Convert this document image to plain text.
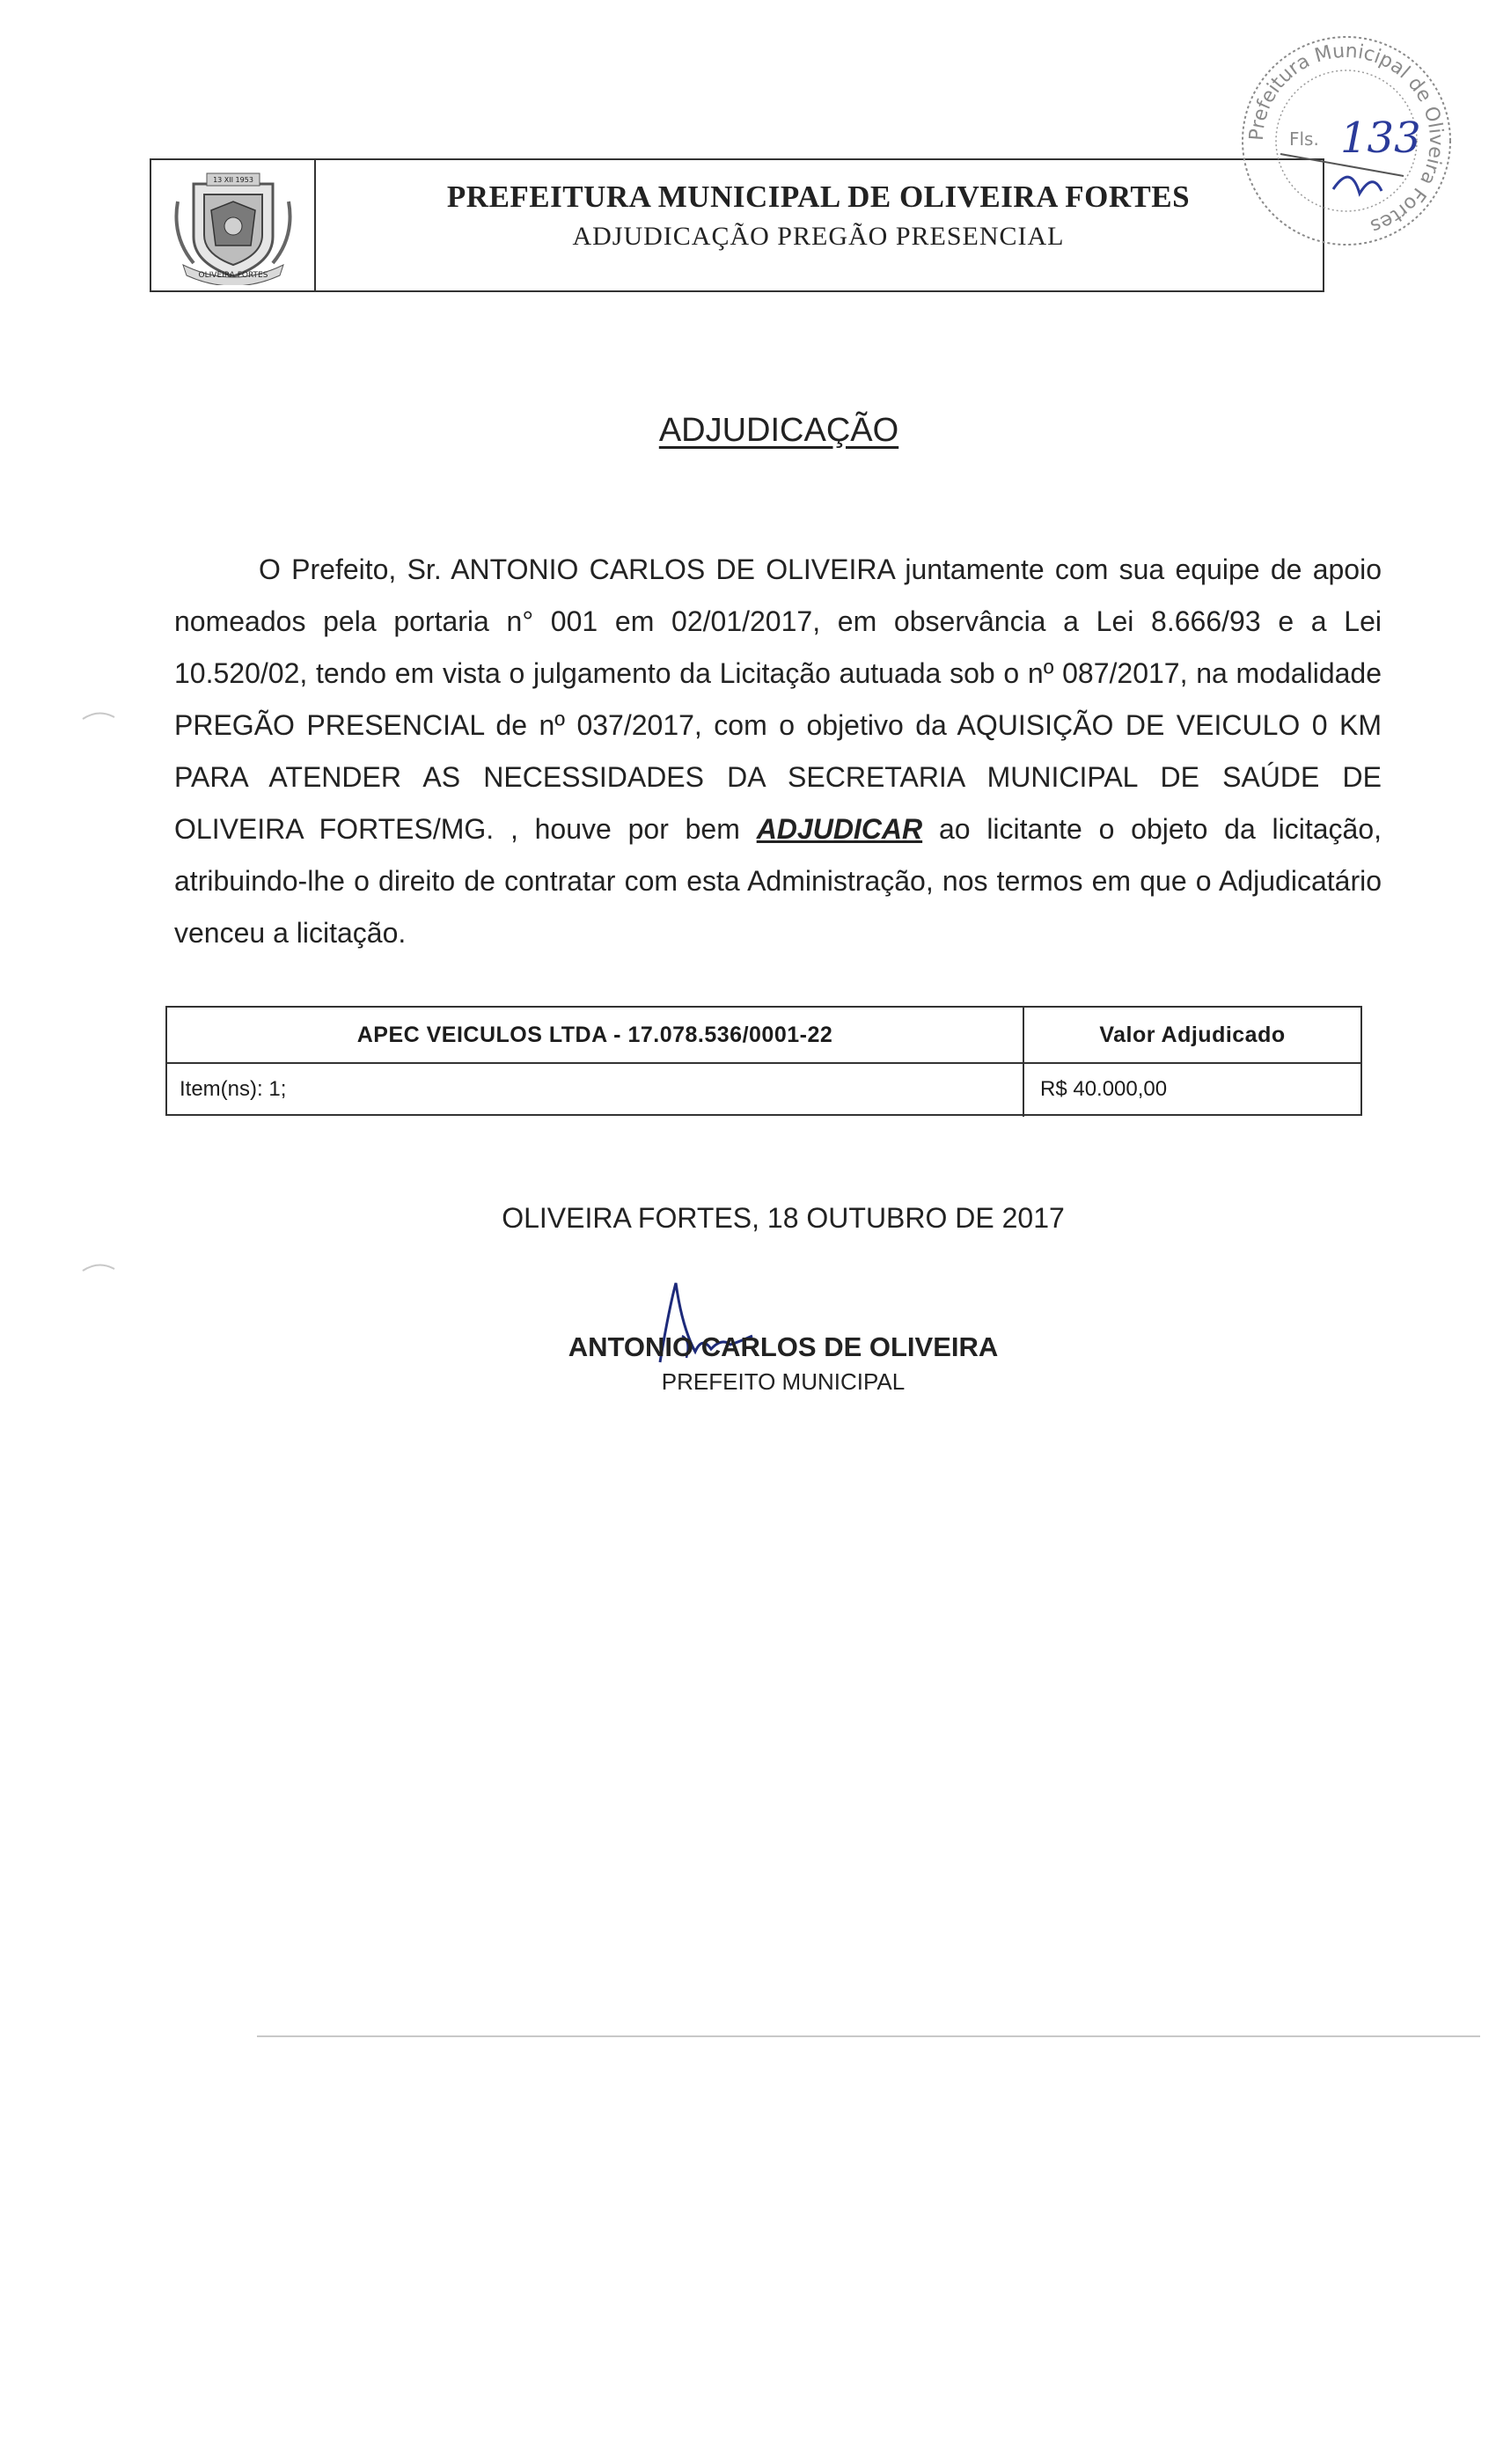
13 XII 1953
OLIVEIRA FORTES
PREFEITURA MUNICIPAL DE OLIVEIRA FORTES
ADJUDICAÇÃO PREGÃO PRESENCIAL
Prefeitura Municipal de Oliveira Fortes
Fls. 133
ADJUDICAÇÃO

O Prefeito, Sr. ANTONIO CARLOS DE OLIVEIRA juntamente com sua equipe de apoio nomeados pela portaria n° 001 em 02/01/2017, em observância a Lei 8.666/93 e a Lei 10.520/02, tendo em vista o julgamento da Licitação autuada sob o nº 087/2017, na modalidade PREGÃO PRESENCIAL de nº 037/2017, com o objetivo da AQUISIÇÃO DE VEICULO 0 KM PARA ATENDER AS NECESSIDADES DA SECRETARIA MUNICIPAL DE SAÚDE DE OLIVEIRA FORTES/MG. , houve por bem ADJUDICAR ao licitante o objeto da licitação, atribuindo-lhe o direito de contratar com esta Administração, nos termos em que o Adjudicatário venceu a licitação.

APEC VEICULOS LTDA - 17.078.536/0001-22	Valor Adjudicado
Item(ns): 1;	R$ 40.000,00
OLIVEIRA FORTES, 18 OUTUBRO DE 2017
ANTONIO CARLOS DE OLIVEIRA
PREFEITO MUNICIPAL
